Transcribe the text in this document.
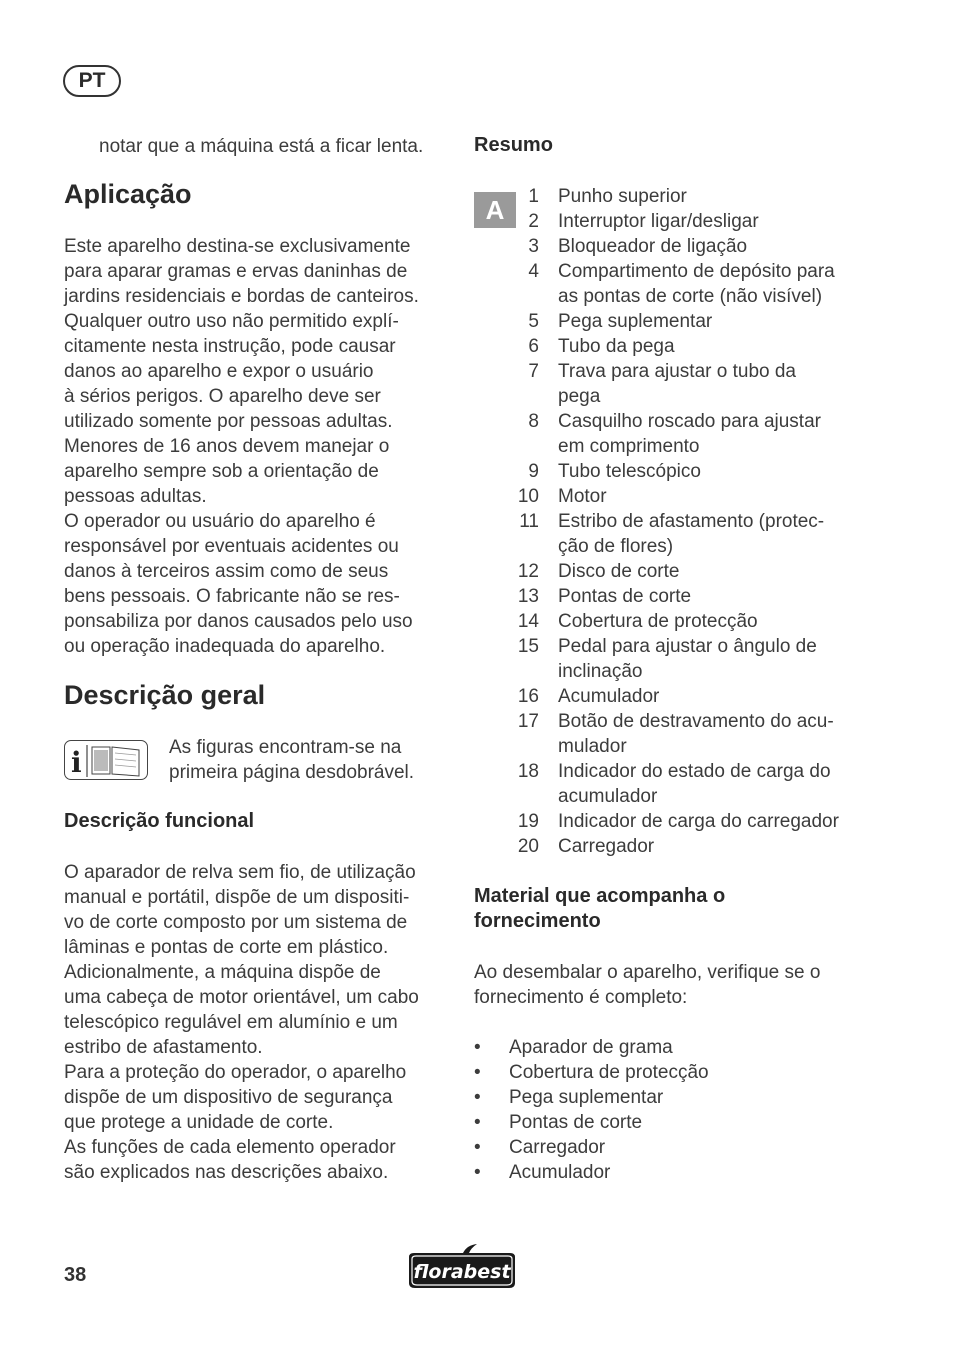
PT

notar que a máquina está a ficar lenta.

Aplicação

Este aparelho destina-se exclusivamente

para aparar gramas e ervas daninhas de

jardins residenciais e bordas de canteiros.

Qualquer outro uso não permitido explí-

citamente nesta instrução, pode causar

danos ao aparelho e expor o usuário

à sérios perigos. O aparelho deve ser

utilizado somente por pessoas adultas.

Menores de 16 anos devem manejar o

aparelho sempre sob a orientação de

pessoas adultas.

O operador ou usuário do aparelho é

responsável por eventuais acidentes ou

danos à terceiros assim como de seus

bens pessoais. O fabricante não se res-

ponsabiliza por danos causados pelo uso

ou operação inadequada do aparelho.

Descrição geral
i	As figuras encontram-se na

primeira página desdobrável.

Descrição funcional

O aparador de relva sem fio, de utilização

manual e portátil, dispõe de um dispositi-

vo de corte composto por um sistema de

lâminas e pontas de corte em plástico.

Adicionalmente, a máquina dispõe de

uma cabeça de motor orientável, um cabo

telescópico regulável em alumínio e um

estribo de afastamento.

Para a proteção do operador, o aparelho

dispõe de um dispositivo de segurança

que protege a unidade de corte.

As funções de cada elemento operador

são explicados nas descrições abaixo.

Resumo
A	1 Punho superior
2 Interruptor ligar/desligar
3 Bloqueador de ligação
4 Compartimento de depósito para
as pontas de corte (não visível)
5 Pega suplementar
6 Tubo da pega
7 Trava para ajustar o tubo da
pega
8 Casquilho roscado para ajustar
em comprimento
9 Tubo telescópico
10 Motor
11 Estribo de afastamento (protec-
ção de flores)
12 Disco de corte
13 Pontas de corte
14 Cobertura de protecção
15 Pedal para ajustar o ângulo de
inclinação
16 Acumulador
17 Botão de destravamento do acu-
mulador
18 Indicador do estado de carga do
acumulador
19 Indicador de carga do carregador
20 Carregador
Material que acompanha o
fornecimento

Ao desembalar o aparelho, verifique se o

fornecimento é completo:

•	Aparador de grama
•	Cobertura de protecção
•	Pega suplementar
•	Pontas de corte
•	Carregador
•	Acumulador
38	florabest
